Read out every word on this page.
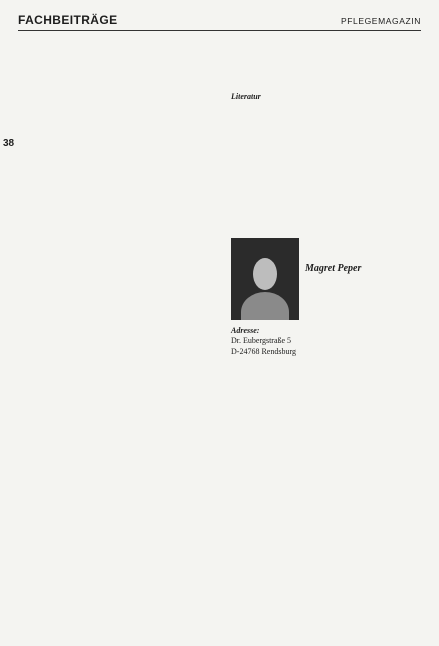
FACHBEITRÄGE	PFLEGEMAGAZIN
38

Literatur

Magret Peper

Adresse:
Dr. Eubergstraße 5
D-24768 Rendsburg
